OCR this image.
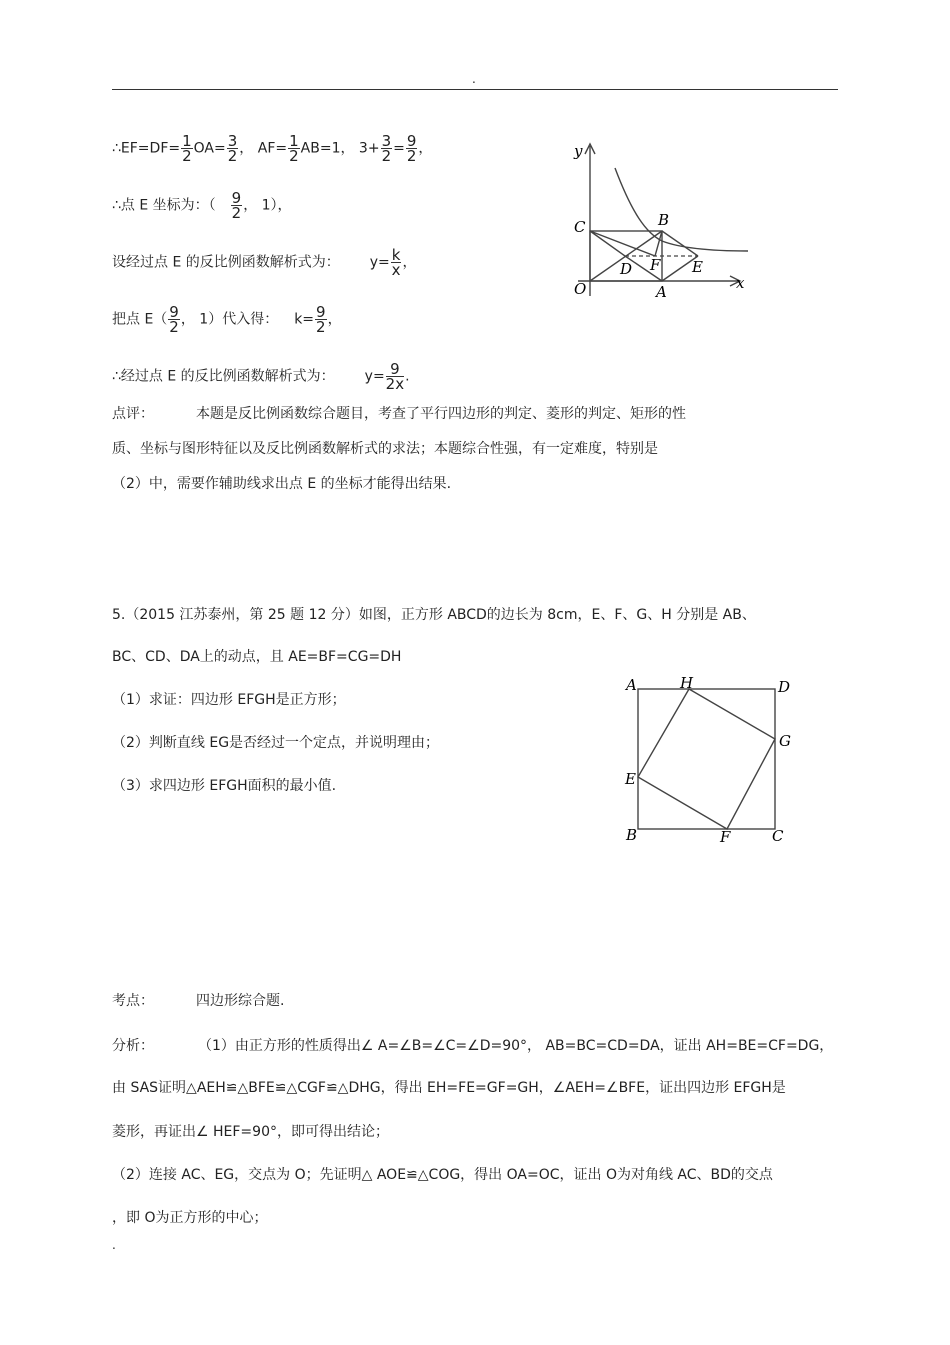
.
∴EF=DF= $\frac{1}{2} OA= \frac{3}{2}$ ， $AF= \frac{1}{2} AB=1$， $3+ \frac{3}{2} = \frac{9}{2}$ ，
∴点 E 坐标为：（ $\frac{9}{2}$ ， 1），
设经过点 E 的反比例函数解析式为： $y= \frac{k}{x}$ ，
把点 $E( \frac{9}{2}$ ， 1）代入得： $k= \frac{9}{2}$ ，
∴经过点 E 的反比例函数解析式为： $y= \frac{9}{2x}$ .
点评：	本题是反比例函数综合题目，考查了平行四边形的判定、菱形的判定、矩形的性
质、坐标与图形特征以及反比例函数解析式的求法；本题综合性强，有一定难度，特别是
（2）中，需要作辅助线求出点 E 的坐标才能得出结果.
y
x
O
C	B
D F E
A
5.（2015 江苏泰州，第 25 题 12 分）如图，正方形 ABCD的边长为 8cm，E、F、G、H 分别是 AB、
BC、CD、DA上的动点，且 AE=BF=CG=DH
（1）求证：四边形 EFGH是正方形；
（2）判断直线 EG是否经过一个定点，并说明理由；
（3）求四边形 EFGH面积的最小值.
A	H	D
G
E
B	F	C
考点：	四边形综合题.
分析：	（1）由正方形的性质得出∠ A=∠B=∠C=∠D=90°， AB=BC=CD=DA，证出 AH=BE=CF=DG，
由 SAS证明△AEH≌△BFE≌△CGF≌△DHG，得出 EH=FE=GF=GH，∠AEH=∠BFE，证出四边形 EFGH是
菱形，再证出∠ HEF=90°，即可得出结论；
（2）连接 AC、EG，交点为 O；先证明△ AOE≌△COG，得出 OA=OC，证出 O为对角线 AC、BD的交点
，即 O为正方形的中心；
.
